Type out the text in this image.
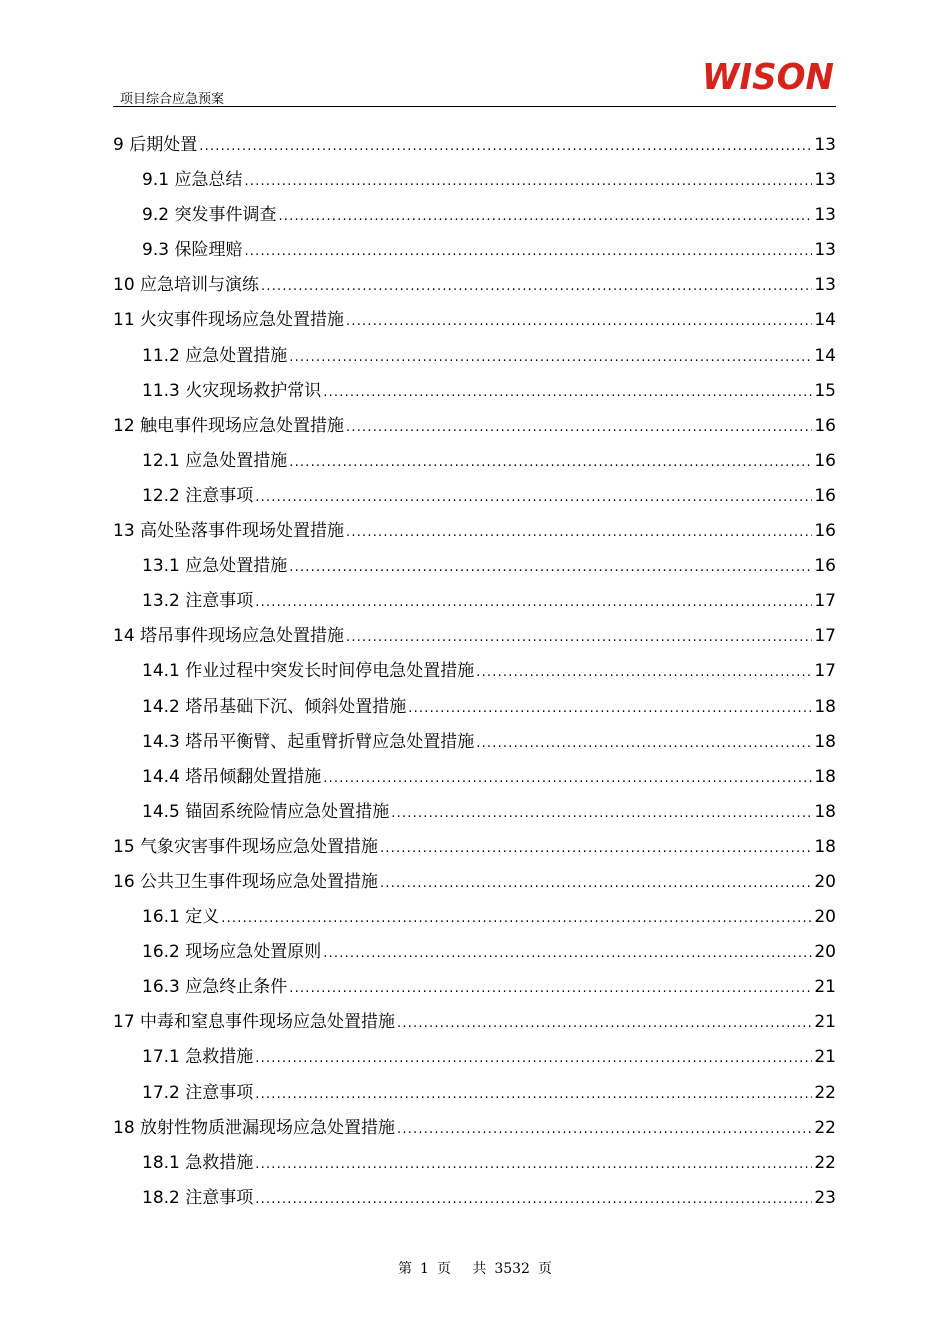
项目综合应急预案
WISON
9 后期处置 .....	13
9.1 应急总结 .....	13
9.2 突发事件调查 .....	13
9.3 保险理赔 .....	13
10 应急培训与演练 .....	13
11 火灾事件现场应急处置措施 .....	14
11.2 应急处置措施 .....	14
11.3 火灾现场救护常识 .....	15
12 触电事件现场应急处置措施 .....	16
12.1 应急处置措施 .....	16
12.2 注意事项 .....	16
13 高处坠落事件现场处置措施 .....	16
13.1 应急处置措施 .....	16
13.2 注意事项 .....	17
14 塔吊事件现场应急处置措施 .....	17
14.1 作业过程中突发长时间停电急处置措施 .....	17
14.2 塔吊基础下沉、倾斜处置措施 .....	18
14.3 塔吊平衡臂、起重臂折臂应急处置措施 .....	18
14.4 塔吊倾翻处置措施 .....	18
14.5 锚固系统险情应急处置措施 .....	18
15 气象灾害事件现场应急处置措施 .....	18
16 公共卫生事件现场应急处置措施 .....	20
16.1 定义 .....	20
16.2 现场应急处置原则 .....	20
16.3 应急终止条件 .....	21
17 中毒和窒息事件现场应急处置措施 .....	21
17.1 急救措施 .....	21
17.2 注意事项 .....	22
18 放射性物质泄漏现场应急处置措施 .....	22
18.1 急救措施 .....	22
18.2 注意事项 .....	23
第 1 页 共 3532 页
